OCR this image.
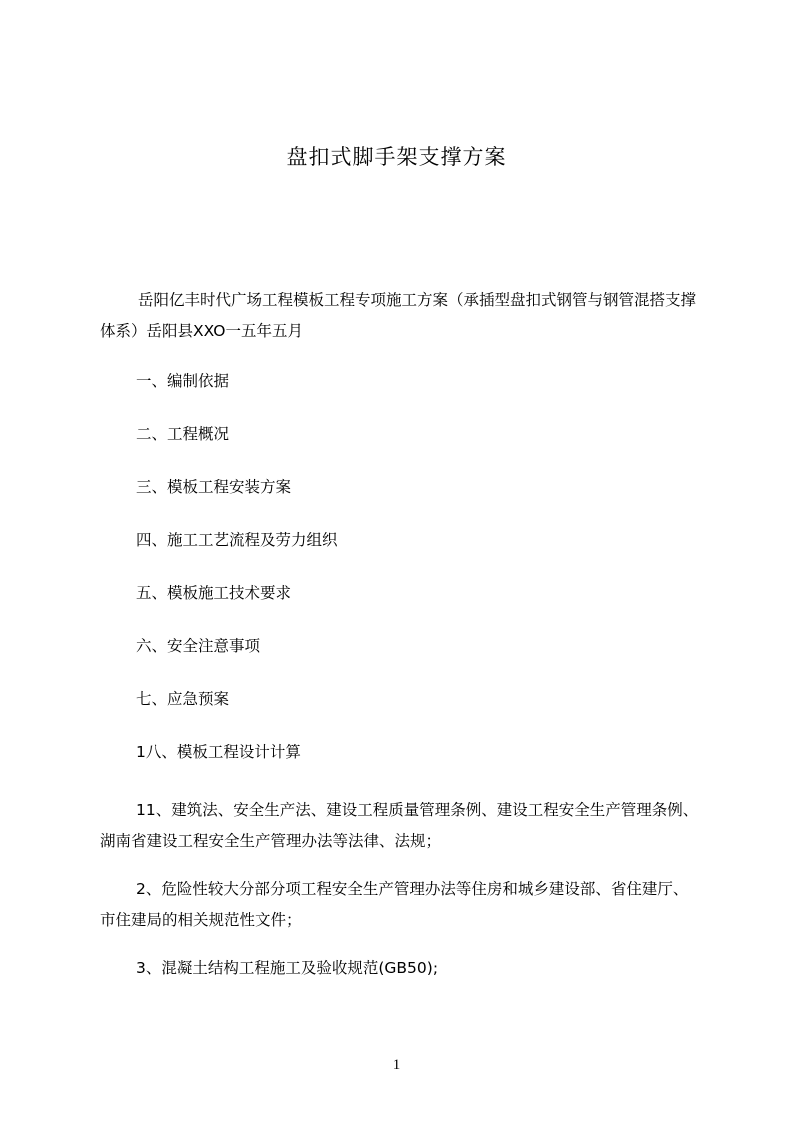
盘扣式脚手架支撑方案
岳阳亿丰时代广场工程模板工程专项施工方案（承插型盘扣式钢管与钢管混搭支撑体系）岳阳县XXO一五年五月
一、编制依据
二、工程概况
三、模板工程安装方案
四、施工工艺流程及劳力组织
五、模板施工技术要求
六、安全注意事项
七、应急预案
1八、模板工程设计计算
11、建筑法、安全生产法、建设工程质量管理条例、建设工程安全生产管理条例、
湖南省建设工程安全生产管理办法等法律、法规；
2、危险性较大分部分项工程安全生产管理办法等住房和城乡建设部、省住建厅、
市住建局的相关规范性文件；
3、混凝土结构工程施工及验收规范(GB50);
1
